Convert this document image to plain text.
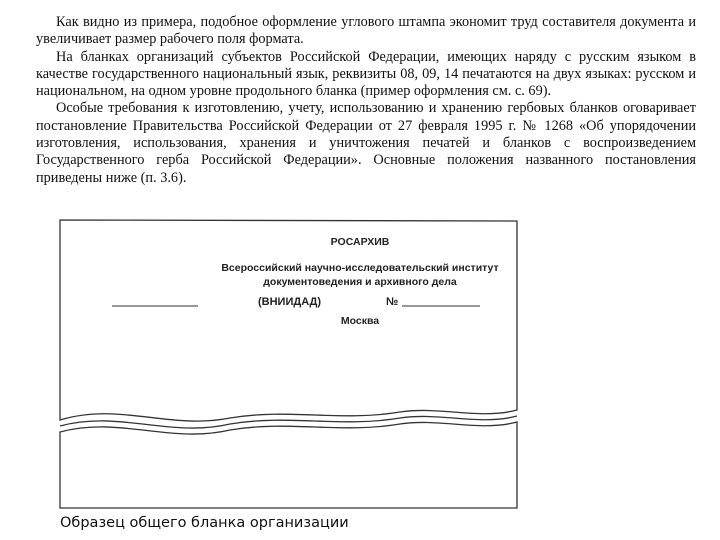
Как видно из примера, подобное оформление углового штампа экономит труд составителя документа и увеличивает размер рабочего поля формата.

На бланках организаций субъектов Российской Федерации, имеющих наряду с русским языком в качестве государственного национальный язык, реквизиты 08, 09, 14 печатаются на двух языках: русском и национальном, на одном уровне продольного бланка (пример оформления см. с. 69).

Особые требования к изготовлению, учету, использованию и хранению гербовых бланков оговаривает постановление Правительства Российской Федерации от 27 февраля 1995 г. № 1268 «Об упорядочении изготовления, использования, хранения и уничтожения печатей и бланков с воспроизведением Государственного герба Российской Федерации». Основные положения названного постановления приведены ниже (п. 3.6).

РОСАРХИВ
Всероссийский научно-исследовательский институт
документоведения и архивного дела
(ВНИИДАД)	№
Москва
Образец общего бланка организации
